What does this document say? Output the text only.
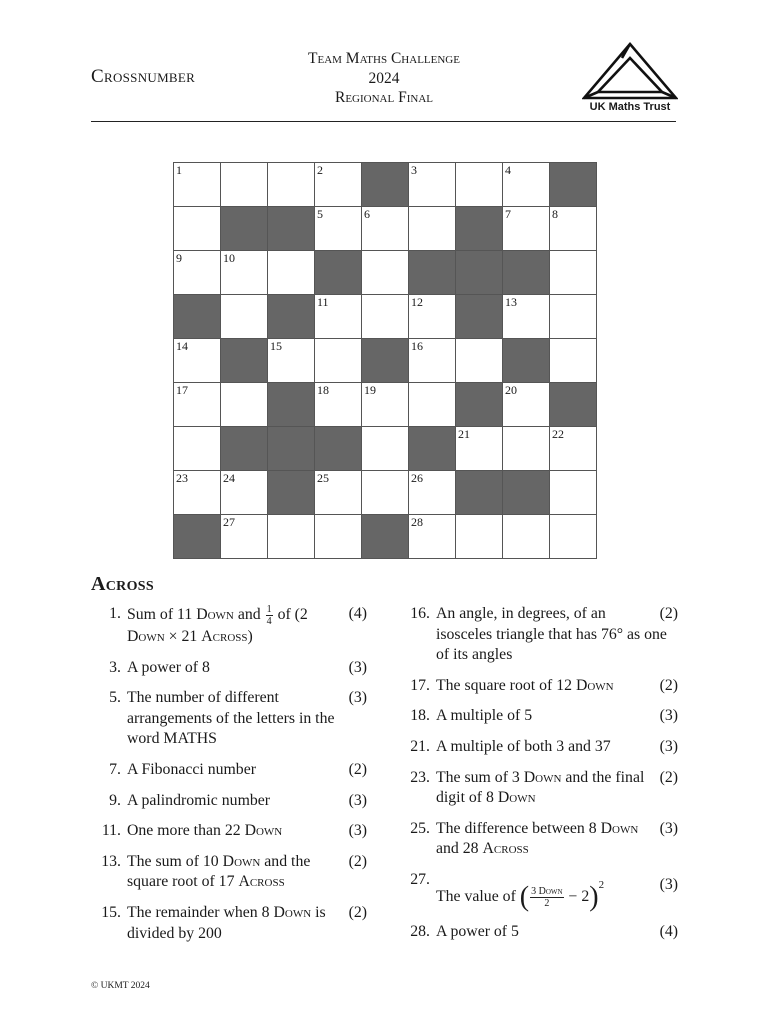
Crossnumber
Team Maths Challenge
2024
Regional Final
UK Maths Trust
1	2	3	4
5	6	7	8
9	10
11	12	13
14	15	16
17	18	19	20
21	22
23	24	25	26
27	28
Across
1. Sum of 11 Down and $\frac{1}{4}$
	(4)
of (2 Down × 21 Across)
3.	(3)
A power of 8
5.	(3)
The number of different arrangements of the letters in the word MATHS
7.	(2)
A Fibonacci number
9.	(3)
A palindromic number
11.	(3)
One more than 22 Down
13.	(2)
The sum of 10 Down and the square root of 17 Across
15.	(2)
The remainder when 8 Down is divided by 200
16.	(2)
An angle, in degrees, of an isosceles triangle that has 76° as one of its angles
17.	(2)
The square root of 12 Down
18.	(3)
A multiple of 5
21.	(3)
A multiple of both 3 and 37
23.	(2)
The sum of 3 Down and the final digit of 8 Down
25.	(3)
The difference between 8 Down and 28 Across
27.	(3)
The value of ( $\frac{\text{3 Down}}{2} - 2)^2$
28.	(4)
A power of 5
© UKMT 2024
